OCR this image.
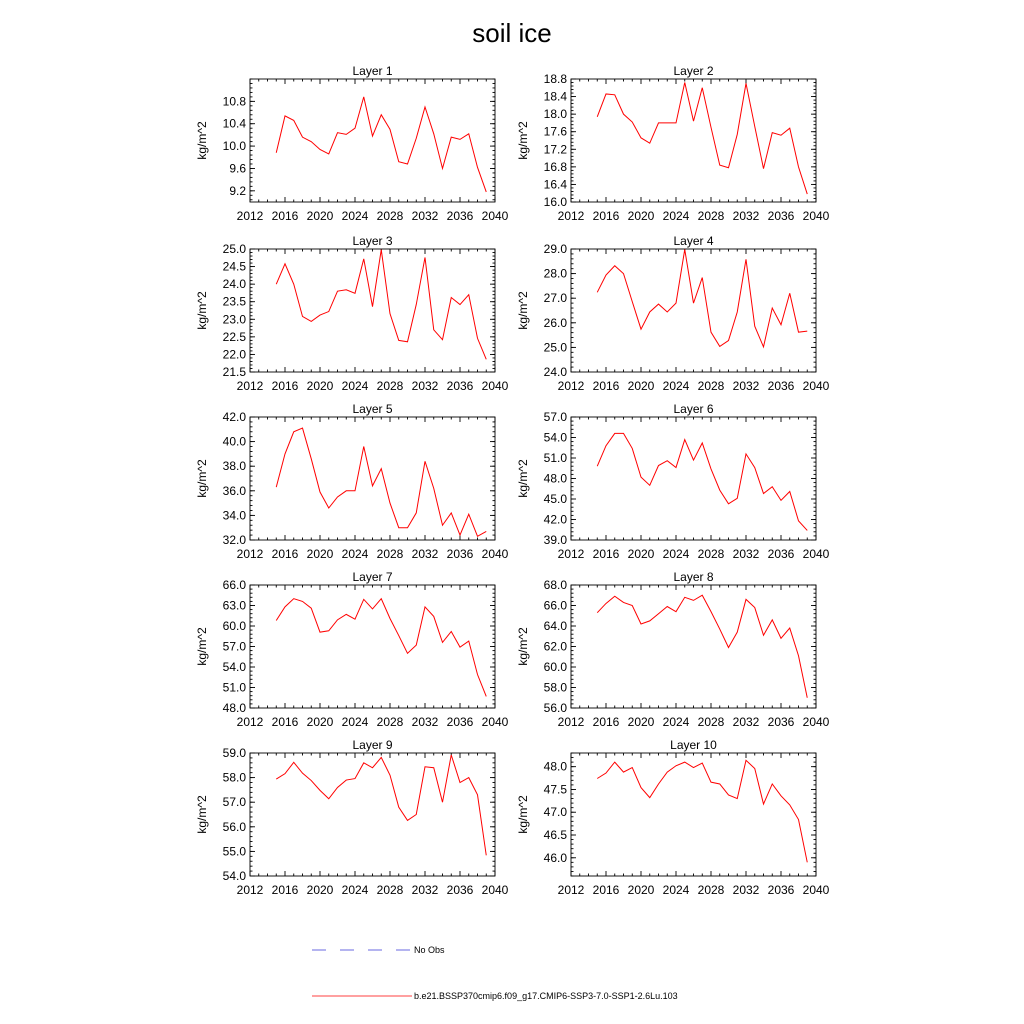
soil ice
Layer 1
kg/m^2
2012 2016 2020 2024 2028 2032 2036 2040
9.2
9.6
10.0
10.4
10.8
Layer 2
kg/m^2
2012 2016 2020 2024 2028 2032 2036 2040
16.0
16.4
16.8
17.2
17.6
18.0
18.4
18.8
Layer 3
kg/m^2
2012 2016 2020 2024 2028 2032 2036 2040
21.5
22.0
22.5
23.0
23.5
24.0
24.5
25.0
Layer 4
kg/m^2
2012 2016 2020 2024 2028 2032 2036 2040
24.0
25.0
26.0
27.0
28.0
29.0
Layer 5
kg/m^2
2012 2016 2020 2024 2028 2032 2036 2040
32.0
34.0
36.0
38.0
40.0
42.0
Layer 6
kg/m^2
2012 2016 2020 2024 2028 2032 2036 2040
39.0
42.0
45.0
48.0
51.0
54.0
57.0
Layer 7
kg/m^2
2012 2016 2020 2024 2028 2032 2036 2040
48.0
51.0
54.0
57.0
60.0
63.0
66.0
Layer 8
kg/m^2
2012 2016 2020 2024 2028 2032 2036 2040
56.0
58.0
60.0
62.0
64.0
66.0
68.0
Layer 9
kg/m^2
2012 2016 2020 2024 2028 2032 2036 2040
54.0
55.0
56.0
57.0
58.0
59.0
Layer 10
kg/m^2
2012 2016 2020 2024 2028 2032 2036 2040
46.0
46.5
47.0
47.5
48.0
No Obs
b.e21.BSSP370cmip6.f09_g17.CMIP6-SSP3-7.0-SSP1-2.6Lu.103
